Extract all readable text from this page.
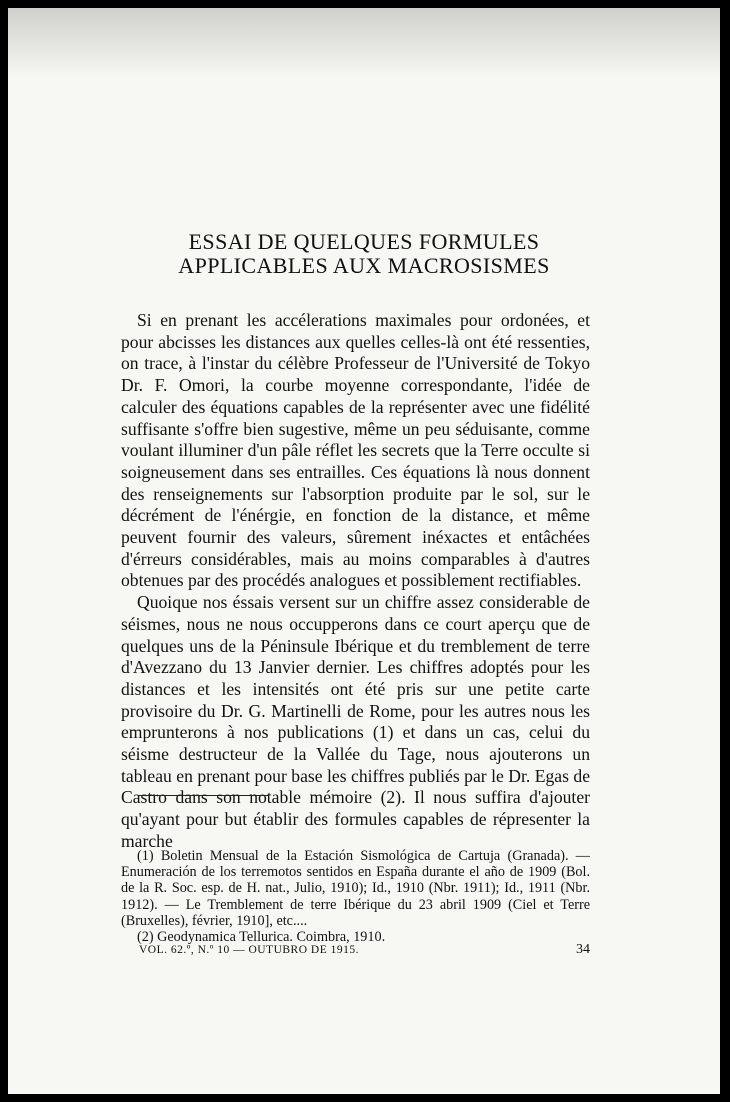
ESSAI DE QUELQUES FORMULES
APPLICABLES AUX MACROSISMES

Si en prenant les accélerations maximales pour ordonées, et pour abcisses les distances aux quelles celles-là ont été ressenties, on trace, à l'instar du célèbre Professeur de l'Université de Tokyo Dr. F. Omori, la courbe moyenne correspondante, l'idée de calculer des équations capables de la représenter avec une fidélité suffisante s'offre bien sugestive, même un peu séduisante, comme voulant illuminer d'un pâle réflet les secrets que la Terre occulte si soigneusement dans ses entrailles. Ces équations là nous donnent des renseignements sur l'absorption produite par le sol, sur le décrément de l'énérgie, en fonction de la distance, et même peuvent fournir des valeurs, sûrement inéxactes et entâchées d'érreurs considérables, mais au moins comparables à d'autres obtenues par des procédés analogues et possiblement rectifiables.

Quoique nos éssais versent sur un chiffre assez considerable de séismes, nous ne nous occupperons dans ce court aperçu que de quelques uns de la Péninsule Ibérique et du tremblement de terre d'Avezzano du 13 Janvier dernier. Les chiffres adoptés pour les distances et les intensités ont été pris sur une petite carte provisoire du Dr. G. Martinelli de Rome, pour les autres nous les emprunterons à nos publications (1) et dans un cas, celui du séisme destructeur de la Vallée du Tage, nous ajouterons un tableau en prenant pour base les chiffres publiés par le Dr. Egas de Castro dans son notable mémoire (2). Il nous suffira d'ajouter qu'ayant pour but établir des formules capables de répresenter la marche

(1) Boletin Mensual de la Estación Sismológica de Cartuja (Granada). — Enumeración de los terremotos sentidos en España durante el año de 1909 (Bol. de la R. Soc. esp. de H. nat., Julio, 1910); Id., 1910 (Nbr. 1911); Id., 1911 (Nbr. 1912). — Le Tremblement de terre Ibérique du 23 abril 1909 (Ciel et Terre (Bruxelles), février, 1910], etc....

(2) Geodynamica Tellurica. Coimbra, 1910.

VOL. 62.º, N.º 10 — OUTUBRO DE 1915.	34
